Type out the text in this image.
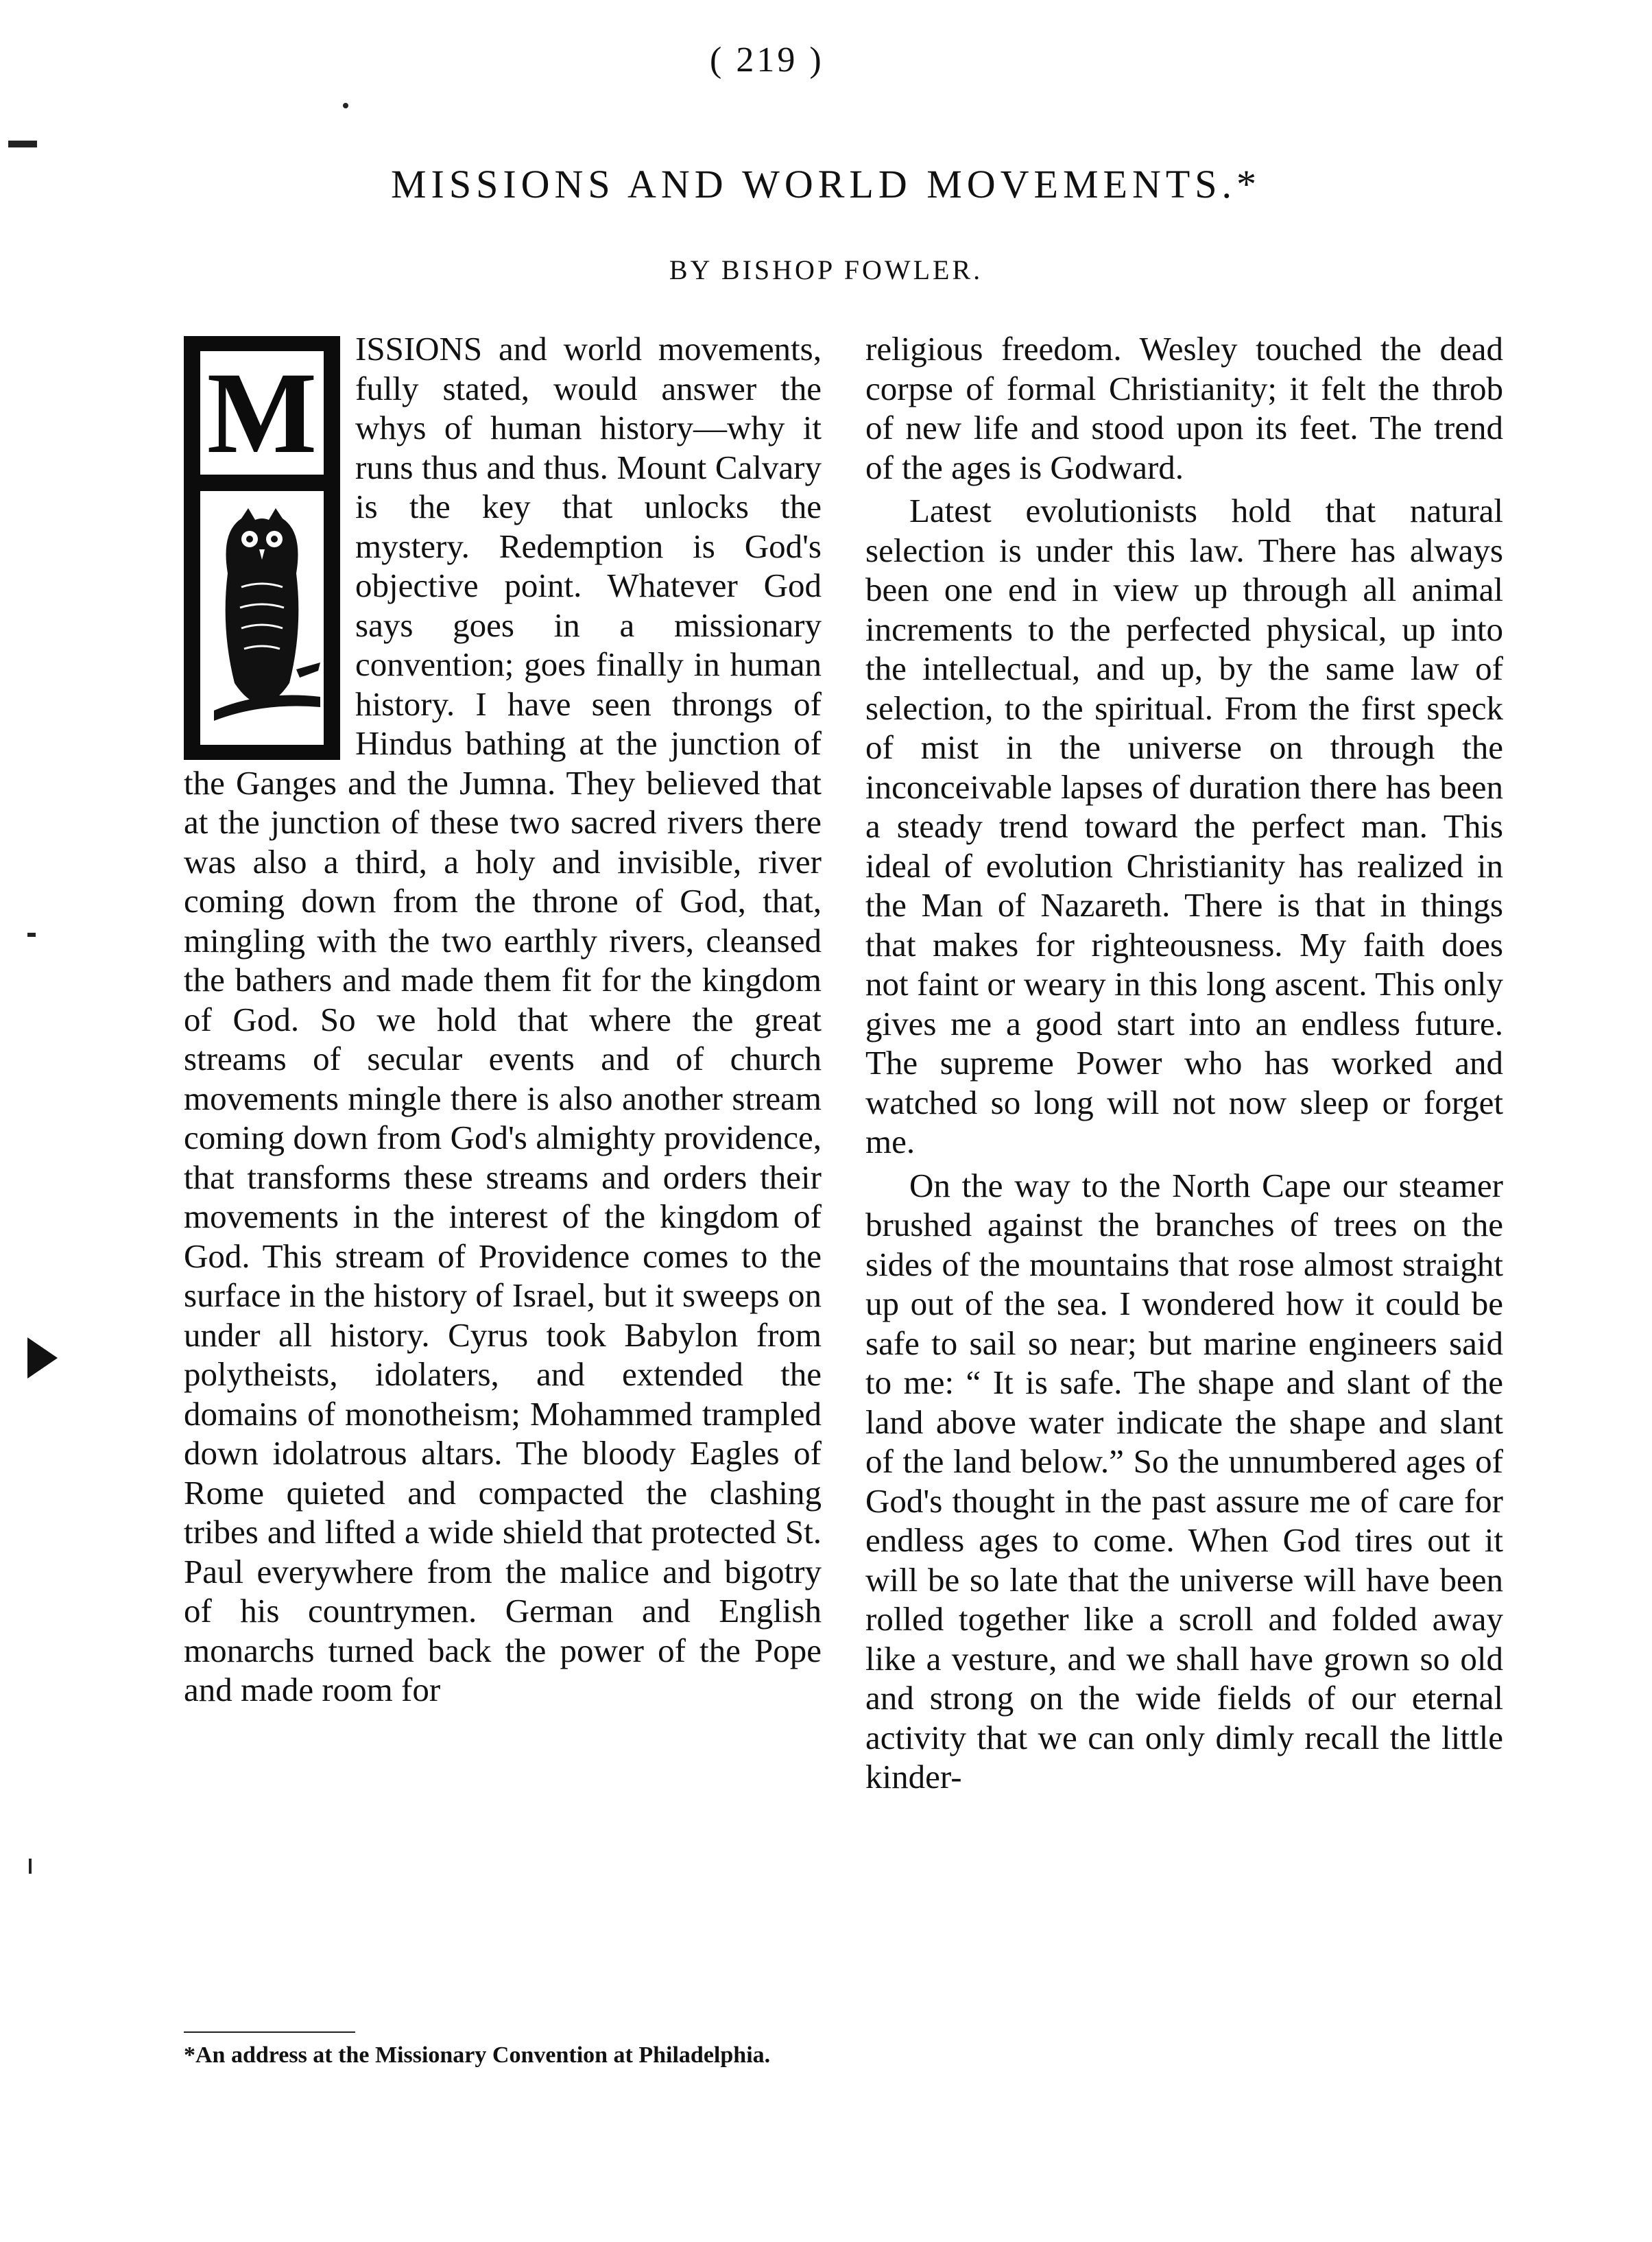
( 219 )
MISSIONS AND WORLD MOVEMENTS.*
BY BISHOP FOWLER.
M	ISSIONS and world movements, fully stated, would answer the whys of human history—why it runs thus and thus. Mount Calvary is the key that unlocks the mystery. Redemption is God's objective point. Whatever God says goes in a missionary convention; goes finally in human history. I have seen throngs of Hindus bathing at the junction of the Ganges and the Jumna. They believed that at the junction of these two sacred rivers there was also a third, a holy and invisible, river coming down from the throne of God, that, mingling with the two earthly rivers, cleansed the bathers and made them fit for the kingdom of God. So we hold that where the great streams of secular events and of church movements mingle there is also another stream coming down from God's almighty providence, that transforms these streams and orders their movements in the interest of the kingdom of God. This stream of Providence comes to the surface in the history of Israel, but it sweeps on under all history. Cyrus took Babylon from polytheists, idolaters, and extended the domains of monotheism; Mohammed trampled down idolatrous altars. The bloody Eagles of Rome quieted and compacted the clashing tribes and lifted a wide shield that protected St. Paul everywhere from the malice and bigotry of his countrymen. German and English monarchs turned back the power of the Pope and made room for

religious freedom. Wesley touched the dead corpse of formal Christianity; it felt the throb of new life and stood upon its feet. The trend of the ages is Godward.

Latest evolutionists hold that natural selection is under this law. There has always been one end in view up through all animal increments to the perfected physical, up into the intellectual, and up, by the same law of selection, to the spiritual. From the first speck of mist in the universe on through the inconceivable lapses of duration there has been a steady trend toward the perfect man. This ideal of evolution Christianity has realized in the Man of Nazareth. There is that in things that makes for righteousness. My faith does not faint or weary in this long ascent. This only gives me a good start into an endless future. The supreme Power who has worked and watched so long will not now sleep or forget me.

On the way to the North Cape our steamer brushed against the branches of trees on the sides of the mountains that rose almost straight up out of the sea. I wondered how it could be safe to sail so near; but marine engineers said to me: “ It is safe. The shape and slant of the land above water indicate the shape and slant of the land below.” So the unnumbered ages of God's thought in the past assure me of care for endless ages to come. When God tires out it will be so late that the universe will have been rolled together like a scroll and folded away like a vesture, and we shall have grown so old and strong on the wide fields of our eternal activity that we can only dimly recall the little kinder-

*An address at the Missionary Convention at Philadelphia.
